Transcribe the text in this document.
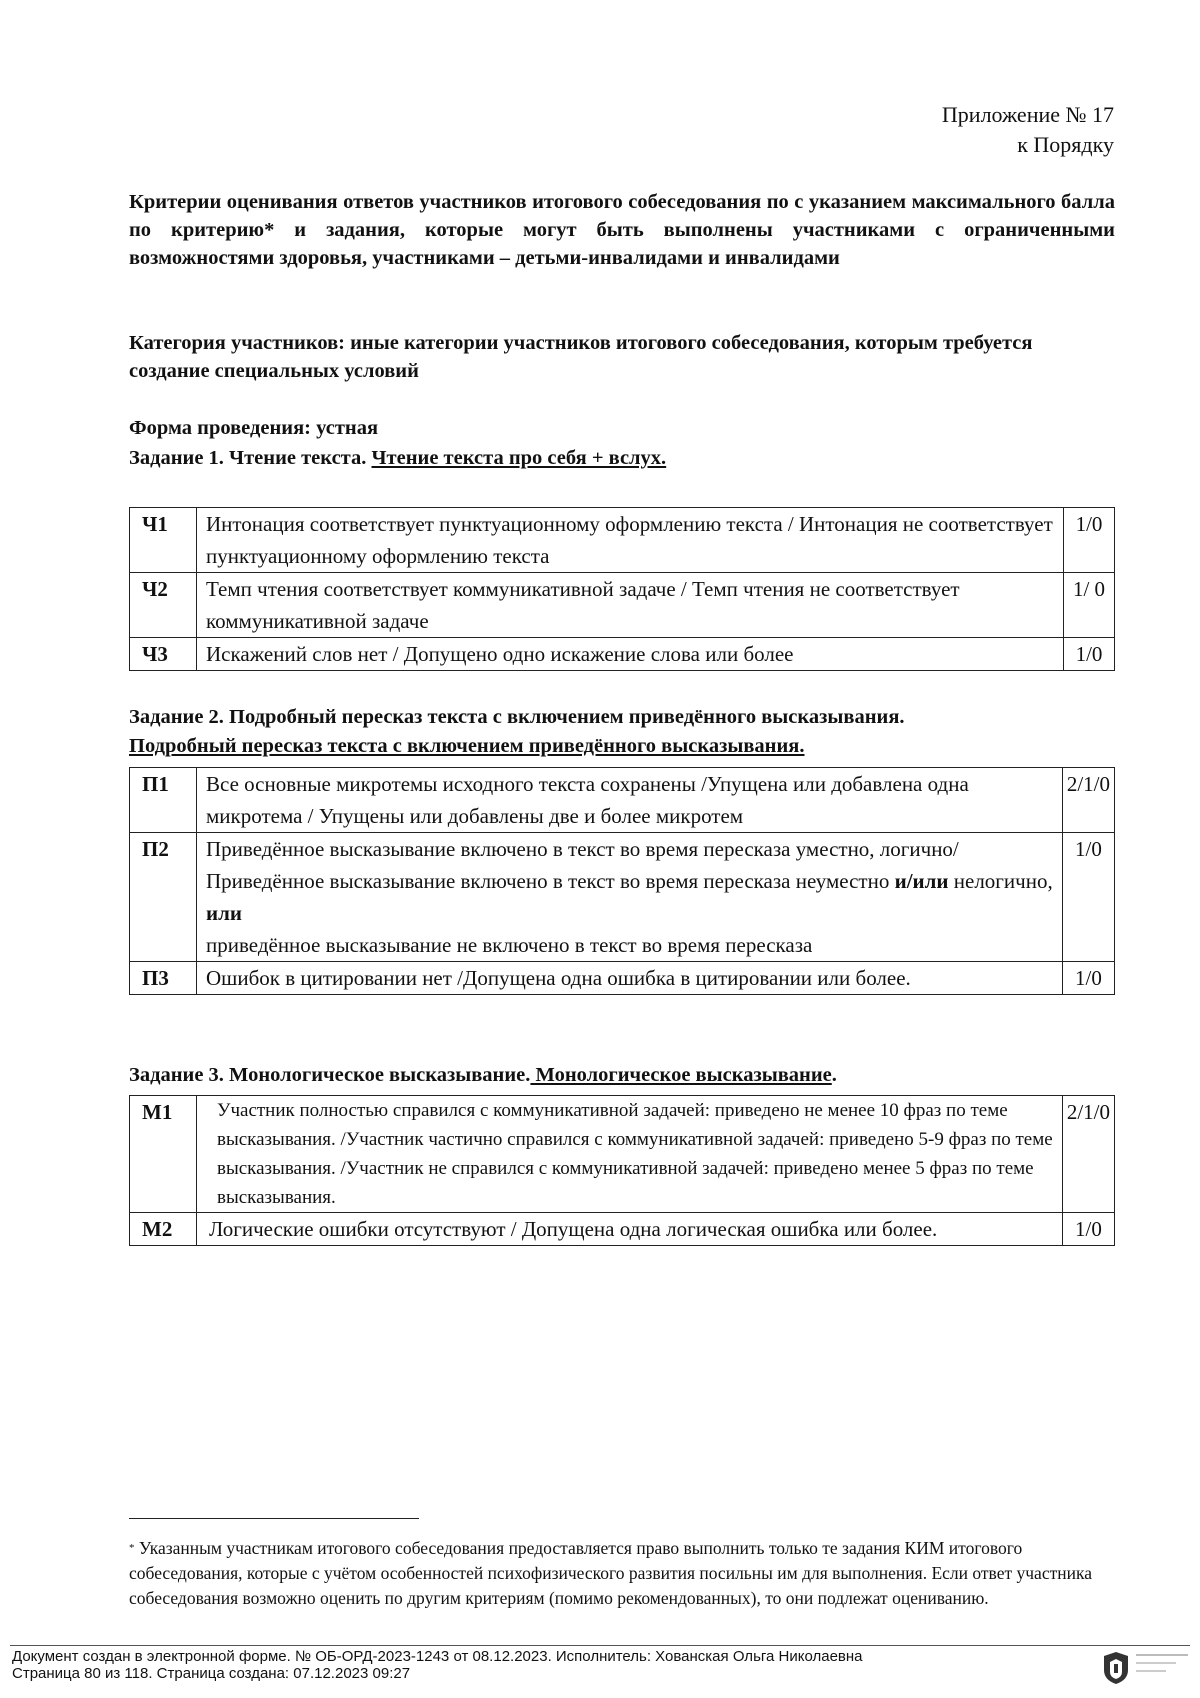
Приложение № 17
к Порядку
Критерии оценивания ответов участников итогового собеседования по с указанием максимального балла по критерию* и задания, которые могут быть выполнены участниками с ограниченными возможностями здоровья, участниками – детьми-инвалидами и инвалидами
Категория участников: иные категории участников итогового собеседования, которым требуется создание специальных условий
Форма проведения: устная
Задание 1. Чтение текста. Чтение текста про себя + вслух.
Ч1	Интонация соответствует пунктуационному оформлению текста / Интонация не соответствует пунктуационному оформлению текста	1/0
Ч2	Темп чтения соответствует коммуникативной задаче / Темп чтения не соответствует коммуникативной задаче	1/ 0
Ч3	Искажений слов нет / Допущено одно искажение слова или более	1/0
Задание 2. Подробный пересказ текста с включением приведённого высказывания.
Подробный пересказ текста с включением приведённого высказывания.
П1	Все основные микротемы исходного текста сохранены /Упущена или добавлена одна микротема / Упущены или добавлены две и более микротем	2/1/0
П2	Приведённое высказывание включено в текст во время пересказа уместно, логично/ Приведённое высказывание включено в текст во время пересказа неуместно и/или нелогично,
или
приведённое высказывание не включено в текст во время пересказа	1/0
П3	Ошибок в цитировании нет /Допущена одна ошибка в цитировании или более.	1/0
Задание 3. Монологическое высказывание. Монологическое высказывание.
М1	Участник полностью справился с коммуникативной задачей: приведено не менее 10 фраз по теме высказывания. /Участник частично справился с коммуникативной задачей: приведено 5-9 фраз по теме высказывания. /Участник не справился с коммуникативной задачей: приведено менее 5 фраз по теме высказывания.	2/1/0
М2	Логические ошибки отсутствуют / Допущена одна логическая ошибка или более.	1/0
* Указанным участникам итогового собеседования предоставляется право выполнить только те задания КИМ итогового собеседования, которые с учётом особенностей психофизического развития посильны им для выполнения. Если ответ участника собеседования возможно оценить по другим критериям (помимо рекомендованных), то они подлежат оцениванию.
Документ создан в электронной форме. № ОБ-ОРД-2023-1243 от 08.12.2023. Исполнитель: Хованская Ольга Николаевна
Страница 80 из 118. Страница создана: 07.12.2023 09:27
